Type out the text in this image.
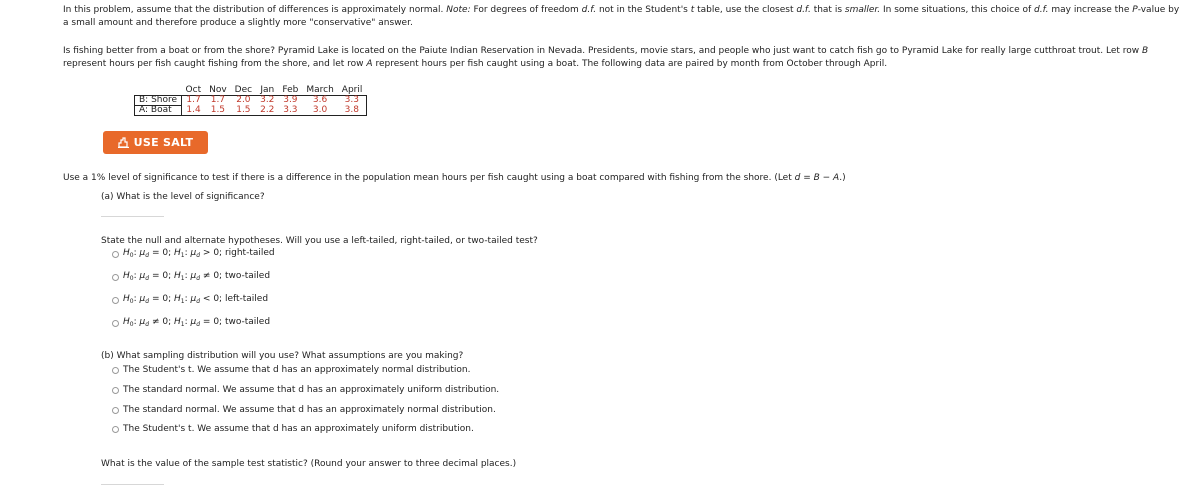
In this problem, assume that the distribution of differences is approximately normal. Note: For degrees of freedom d.f. not in the Student's t table, use the closest d.f. that is smaller. In some situations, this choice of d.f. may increase the P-value by a small amount and therefore produce a slightly more "conservative" answer.
Is fishing better from a boat or from the shore? Pyramid Lake is located on the Paiute Indian Reservation in Nevada. Presidents, movie stars, and people who just want to catch fish go to Pyramid Lake for really large cutthroat trout. Let row B represent hours per fish caught fishing from the shore, and let row A represent hours per fish caught using a boat. The following data are paired by month from October through April.
	Oct	Nov	Dec	Jan	Feb	March	April
B: Shore	1.7	1.7	2.0	3.2	3.9	3.6	3.3
A: Boat	1.4	1.5	1.5	2.2	3.3	3.0	3.8
USE SALT
Use a 1% level of significance to test if there is a difference in the population mean hours per fish caught using a boat compared with fishing from the shore. (Let d = B − A.)
(a) What is the level of significance?
State the null and alternate hypotheses. Will you use a left-tailed, right-tailed, or two-tailed test?
$H_0$: $\mu_d = 0$; $H_1$: $\mu_d > 0$; right-tailed
$H_0$: $\mu_d = 0$; $H_1$: $\mu_d \ne 0$; two-tailed
$H_0$: $\mu_d = 0$; $H_1$: $\mu_d < 0$; left-tailed
$H_0$: $\mu_d \ne 0$; $H_1$: $\mu_d = 0$; two-tailed
(b) What sampling distribution will you use? What assumptions are you making?
The Student's t. We assume that d has an approximately normal distribution.
The standard normal. We assume that d has an approximately uniform distribution.
The standard normal. We assume that d has an approximately normal distribution.
The Student's t. We assume that d has an approximately uniform distribution.
What is the value of the sample test statistic? (Round your answer to three decimal places.)
